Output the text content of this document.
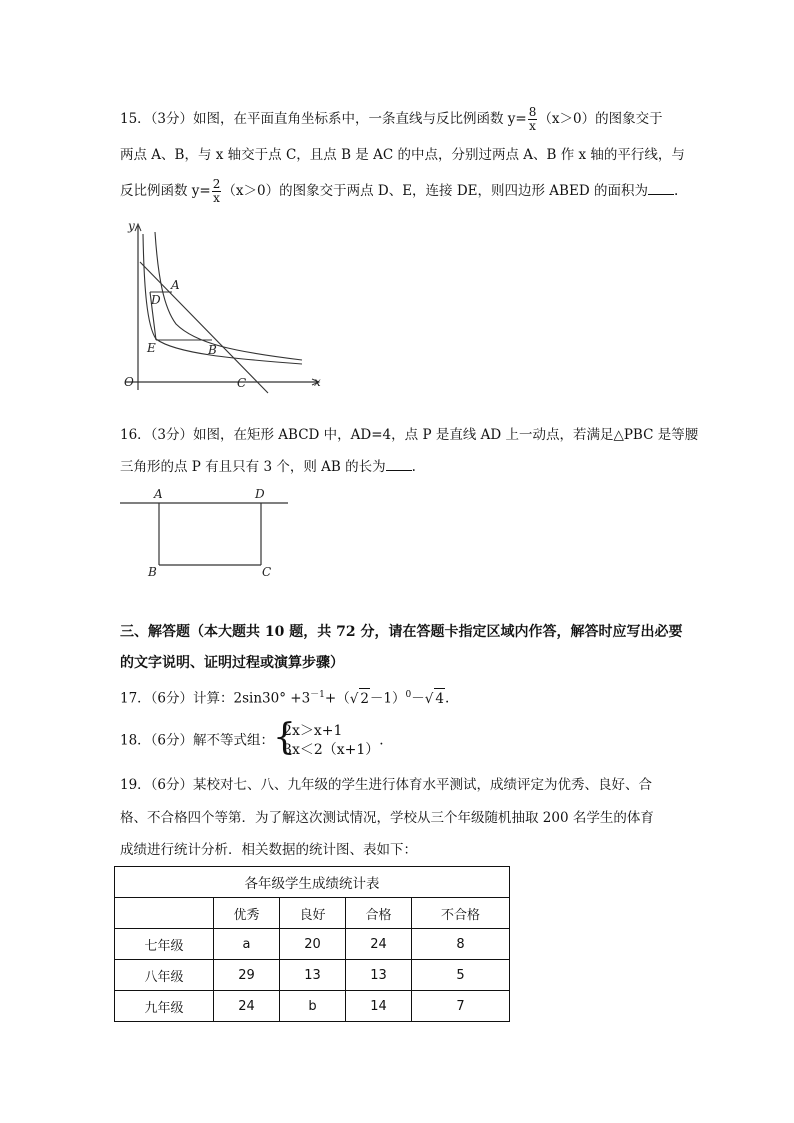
15．（3分）如图，在平面直角坐标系中，一条直线与反比例函数 $y= \frac{8}{x} (x>0)$的图象交于
两点 A、B，与 x 轴交于点 C，且点 B 是 AC 的中点，分别过两点 A、B 作 x 轴的平行线，与
反比例函数 $y= \frac{2}{x} (x>0)$的图象交于两点 D、E，连接 DE，则四边形 ABED 的面积为 .
y
x
O
A
D
E	B
C
16．（3分）如图，在矩形 ABCD 中，AD=4，点 P 是直线 AD 上一动点，若满足△PBC 是等腰
三角形的点 P 有且只有 3 个，则 AB 的长为 .
A	D
B	C
三、解答题（本大题共 10 题，共 72 分，请在答题卡指定区域内作答，解答时应写出必要
的文字说明、证明过程或演算步骤）
17．（6分）计算：$2\sin 30^\circ +3^{-1}+(√$ 2－1）$^0$－√ 4.
18．（6分）解不等式组： {
2x＞x+1
3x＜2（x+1）
.
19．（6分）某校对七、八、九年级的学生进行体育水平测试，成绩评定为优秀、良好、合
格、不合格四个等第．为了解这次测试情况，学校从三个年级随机抽取 200 名学生的体育
成绩进行统计分析．相关数据的统计图、表如下：
各年级学生成绩统计表				
	优秀	良好	合格	不合格
七年级	a	20	24	8
八年级	29	13	13	5
九年级	24	b	14	7
